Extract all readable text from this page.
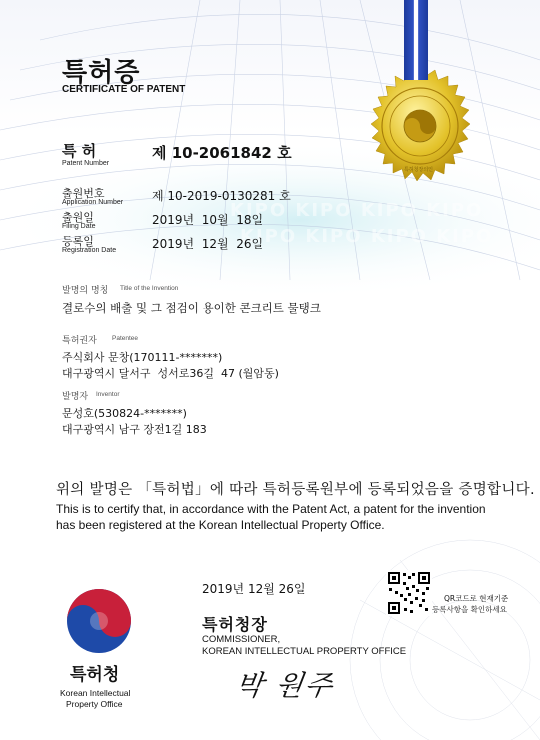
KIPO KIPO KIPO KIPO
KIPO KIPO KIPO KIPO
특허청장의인
특허증
CERTIFICATE OF PATENT
특 허
Patent Number
제 10-2061842 호
출원번호
Application Number 제 10-2019-0130281 호
출원일
Filing Date	2019년  10월  18일
등록일
Registration Date	2019년  12월  26일
발명의 명칭 Title of the Invention
결로수의 배출 및 그 점검이 용이한 콘크리트 물탱크
특허권자 Patentee
주식회사 문창(170111-*******)
대구광역시 달서구  성서로36길  47 (월암동)
발명자 Inventor
문성호(530824-*******)
대구광역시 남구 장전1길 183
위의 발명은 「특허법」에 따라 특허등록원부에 등록되었음을 증명합니다.
This is to certify that, in accordance with the Patent Act, a patent for the invention
has been registered at the Korean Intellectual Property Office.
2019년 12월 26일
QR코드로 현재기준
등록사항을 확인하세요
특허청장
COMMISSIONER,
KOREAN INTELLECTUAL PROPERTY OFFICE
박 원주
특허청
Korean Intellectual
Property Office
